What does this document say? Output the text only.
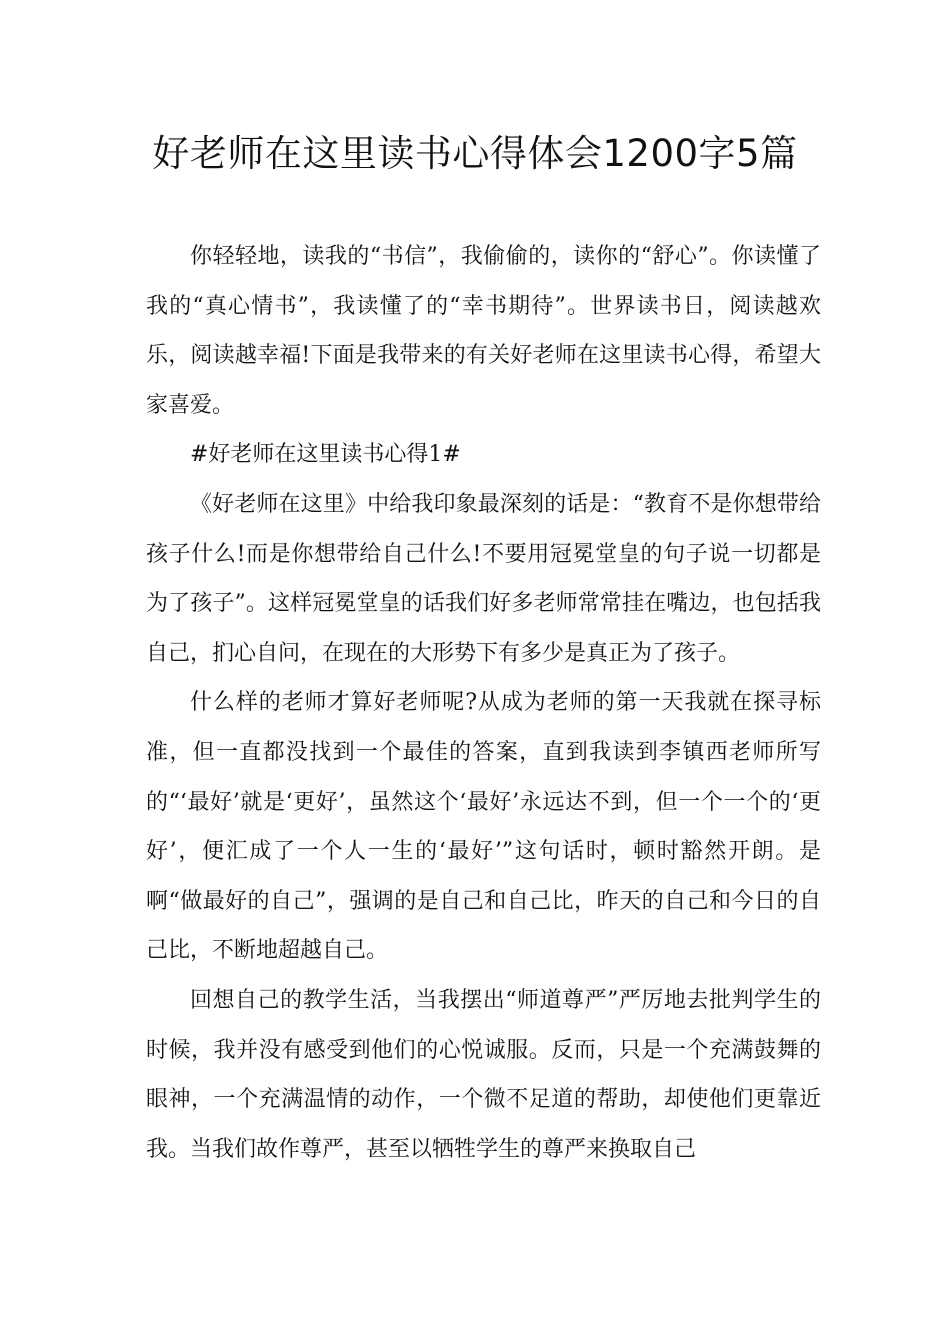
好老师在这里读书心得体会1200字5篇

你轻轻地，读我的“书信”，我偷偷的，读你的“舒心”。你读懂了我的“真心情书”，我读懂了的“幸书期待”。世界读书日，阅读越欢乐，阅读越幸福!下面是我带来的有关好老师在这里读书心得，希望大家喜爱。

#好老师在这里读书心得1#

《好老师在这里》中给我印象最深刻的话是：“教育不是你想带给孩子什么!而是你想带给自己什么!不要用冠冕堂皇的句子说一切都是为了孩子”。这样冠冕堂皇的话我们好多老师常常挂在嘴边，也包括我自己，扪心自问，在现在的大形势下有多少是真正为了孩子。

什么样的老师才算好老师呢?从成为老师的第一天我就在探寻标准，但一直都没找到一个最佳的答案，直到我读到李镇西老师所写的“‘最好’就是‘更好’，虽然这个‘最好’永远达不到，但一个一个的‘更好’，便汇成了一个人一生的‘最好’”这句话时，顿时豁然开朗。是啊“做最好的自己”，强调的是自己和自己比，昨天的自己和今日的自己比，不断地超越自己。

回想自己的教学生活，当我摆出“师道尊严”严厉地去批判学生的时候，我并没有感受到他们的心悦诚服。反而，只是一个充满鼓舞的眼神，一个充满温情的动作，一个微不足道的帮助，却使他们更靠近我。当我们故作尊严，甚至以牺牲学生的尊严来换取自己
